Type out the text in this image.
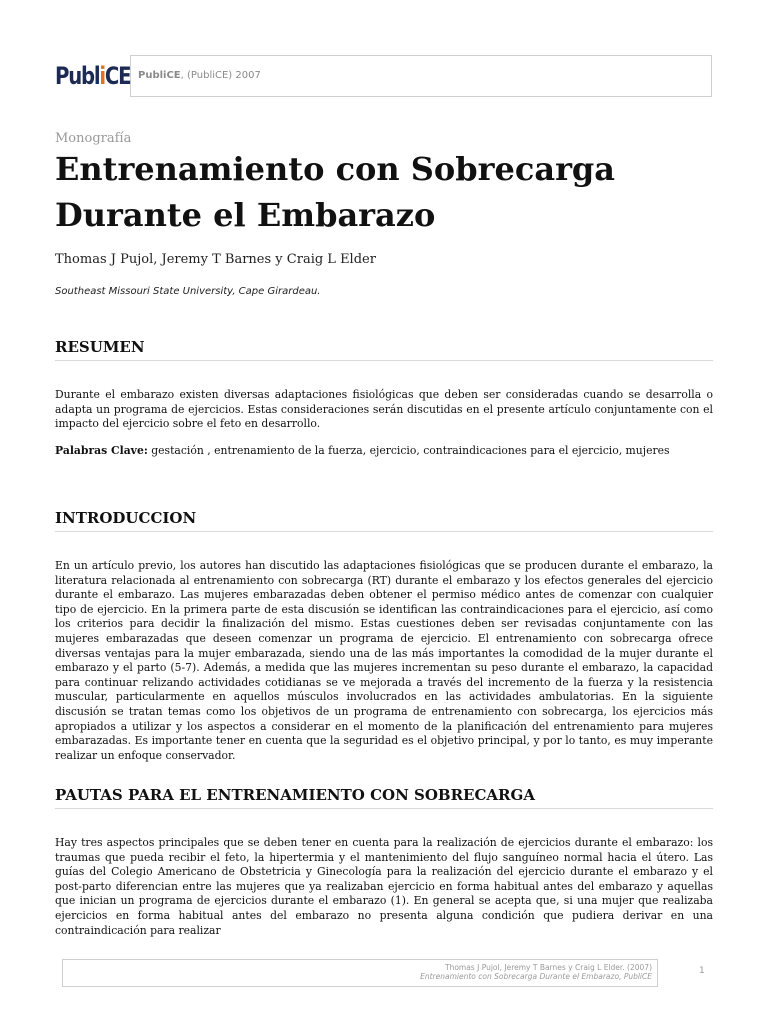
PubliCE PubliCE, (PubliCE) 2007
Monografía
Entrenamiento con Sobrecarga Durante el Embarazo
Thomas J Pujol, Jeremy T Barnes y Craig L Elder
Southeast Missouri State University, Cape Girardeau.
RESUMEN

Durante el embarazo existen diversas adaptaciones fisiológicas que deben ser consideradas cuando se desarrolla o adapta un programa de ejercicios. Estas consideraciones serán discutidas en el presente artículo conjuntamente con el impacto del ejercicio sobre el feto en desarrollo.

Palabras Clave: gestación , entrenamiento de la fuerza, ejercicio, contraindicaciones para el ejercicio, mujeres

INTRODUCCION

En un artículo previo, los autores han discutido las adaptaciones fisiológicas que se producen durante el embarazo, la literatura relacionada al entrenamiento con sobrecarga (RT) durante el embarazo y los efectos generales del ejercicio durante el embarazo. Las mujeres embarazadas deben obtener el permiso médico antes de comenzar con cualquier tipo de ejercicio. En la primera parte de esta discusión se identifican las contraindicaciones para el ejercicio, así como los criterios para decidir la finalización del mismo. Estas cuestiones deben ser revisadas conjuntamente con las mujeres embarazadas que deseen comenzar un programa de ejercicio. El entrenamiento con sobrecarga ofrece diversas ventajas para la mujer embarazada, siendo una de las más importantes la comodidad de la mujer durante el embarazo y el parto (5-7). Además, a medida que las mujeres incrementan su peso durante el embarazo, la capacidad para continuar relizando actividades cotidianas se ve mejorada a través del incremento de la fuerza y la resistencia muscular, particularmente en aquellos músculos involucrados en las actividades ambulatorias. En la siguiente discusión se tratan temas como los objetivos de un programa de entrenamiento con sobrecarga, los ejercicios más apropiados a utilizar y los aspectos a considerar en el momento de la planificación del entrenamiento para mujeres embarazadas. Es importante tener en cuenta que la seguridad es el objetivo principal, y por lo tanto, es muy imperante realizar un enfoque conservador.

PAUTAS PARA EL ENTRENAMIENTO CON SOBRECARGA

Hay tres aspectos principales que se deben tener en cuenta para la realización de ejercicios durante el embarazo: los traumas que pueda recibir el feto, la hipertermia y el mantenimiento del flujo sanguíneo normal hacia el útero. Las guías del Colegio Americano de Obstetricia y Ginecología para la realización del ejercicio durante el embarazo y el post-parto diferencian entre las mujeres que ya realizaban ejercicio en forma habitual antes del embarazo y aquellas que inician un programa de ejercicios durante el embarazo (1). En general se acepta que, si una mujer que realizaba ejercicios en forma habitual antes del embarazo no presenta alguna condición que pudiera derivar en una contraindicación para realizar

Thomas J Pujol, Jeremy T Barnes y Craig L Elder. (2007)
Entrenamiento con Sobrecarga Durante el Embarazo, PubliCE
1
